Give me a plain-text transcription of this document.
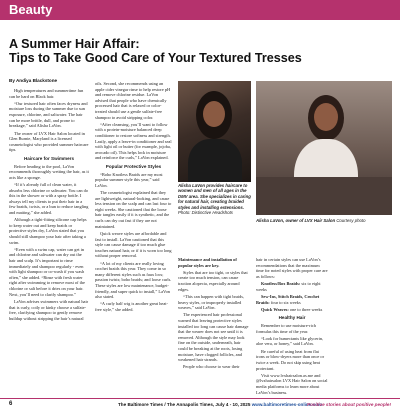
Beauty
A Summer Hair Affair:
Tips to Take Good Care of Your Textured Tresses
By Andiya Blackstone

High temperatures and summertime fun can be hard on Black hair.

“Our textured hair often faces dryness and moisture loss during the summer due to sun exposure, chlorine, and saltwater. The hair can be more brittle, dull, and prone to breakage,” said Alisha LaVon.

The owner of LVX Hair Salon located in Glen Burnie, Maryland is a licensed cosmetologist who provided summer haircare tips.

Haircare for Swimmers

Before heading to the pool, LaVon recommends thoroughly wetting the hair, as it acts like a sponge.

“If it’s already full of clean water, it absorbs less chlorine or saltwater. You can do this in the shower or with a spray bottle. I always tell my clients to put their hair in a few braids, twists, or a bun to reduce tangling and matting,” she added.

Although a tight-fitting silicone cap helps to keep water out and keep braids or protective styles dry, LaVon stated that you should still shampoo your hair after taking a swim.

“Even with a swim cap, water can get in and chlorine and saltwater can dry out the hair and scalp. It’s important to rinse immediately and shampoo regularly - even with light shampoo or co-wash if you wash often,” she added. “Rinse with fresh water right after swimming to remove most of the chlorine or salt before it dries on your hair. Next, you’ll need to clarify shampoo.”

LaVon advises swimmers with natural hair that is curly, coily or kinky choose a sulfate-free, clarifying shampoo to gently remove buildup without stripping the hair’s natural

oils. Second, she recommends using an apple cider vinegar rinse to help restore pH and remove chlorine residue. LaVon advised that people who have chemically processed hair that is relaxed or color-treated should use a gentle sulfate-free shampoo to avoid stripping color.

“After cleansing, you’ll want to follow with a protein-moisture balanced deep conditioner to restore softness and strength. Lastly, apply a leave-in conditioner and seal with light oil or butter (for example, jojoba, avocado oil). This helps lock in moisture and reinforce the curls,” LaVon explained.

Popular Protective Styles

“Boho Knotless Braids are my most popular summer style this year,” said LaVon.

The cosmetologist explained that they are lightweight, natural-looking, and cause less tension on the scalp and can last four to eight weeks. She cautioned that the loose hair tangles easily if it is synthetic, and the curls can dry out fast if they are not maintained.

Quick weave styles are affordable and fast to install. LaVon cautioned that this style can cause damage if too much glue touches natural hair, or if it is worn too long without proper removal.

“A lot of my clients are really loving crochet braids this year. They come in so many different styles such as faux locs; passion twists; boho braids; and loose curls. These styles are low maintenance, budget-friendly, and super quick to install,” LaVon also stated.

“A curly half wig is another great heat-free style,” she added.

Alisha LaVon provides haircare to women and men of all ages in the DMV area. She specializes in caring for natural hair, creating braided styles and installing extensions.
Photo: Distinctive Headshots
Alisha LaVon, owner of LVX Hair Salon Courtesy photo

Maintenance and installation of popular styles are key.

Styles that are too tight, or styles that create too much tension, can cause traction alopecia, especially around edges.

“This can happen with tight braids, heavy styles, or improperly installed weaves,” said LaVon.

The experienced hair professional warned that leaving protective styles installed too long can cause hair damage that the wearer does not see until it is removed. Although the style may look fine on the outside, underneath, hair could be breaking at the roots, losing moisture, have clogged follicles, and weakened hair strands.

People who choose to wear their

hair in certain styles can use LaVon’s recommendations that the maximum time for noted styles with proper care are as follows:

Knotless/Box Braids: six to eight weeks

Sew-Ins, Stitch Braids, Crochet Braids: four to six weeks

Quick Weaves: one to three weeks

Healthy Hair

Remember to use moisture-rich formulas this time of the year.

“Look for humectants like glycerin, aloe vera, or honey,” said LaVon.

Be careful of using heat from flat irons or blow-dryers more than once or twice a week. Do not skip using heat protectant.

Visit www.lvxhairsalon.as.me and @lvxhairsalon LVX Hair Salon on social media platforms to learn more about LaVon’s business.

6	The Baltimore Times / The Annapolis Times, July 4 - 10, 2025 www.baltimoretimes-online.com
Positive stories about positive people!
